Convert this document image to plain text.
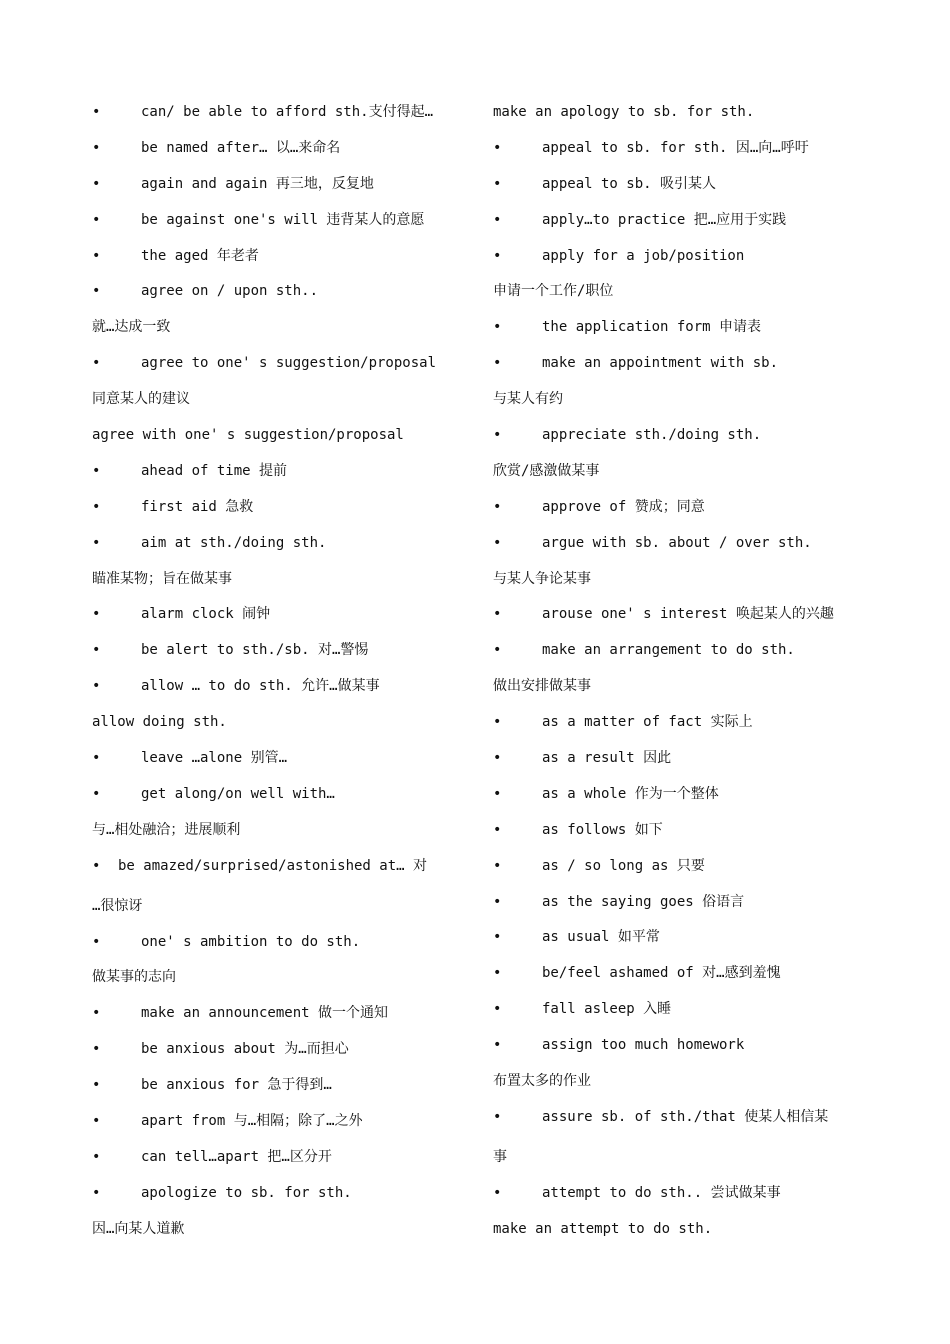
•	can/ be able to afford sth.支付得起…
•	be named after… 以…来命名
•	again and again 再三地，反复地
•	be against one's will 违背某人的意愿
•	the aged 年老者
•	agree on / upon sth..
就…达成一致
•	agree to one' s suggestion/proposal
同意某人的建议
agree with one' s suggestion/proposal
•	ahead of time 提前
•	first aid 急救
•	aim at sth./doing sth.
瞄准某物；旨在做某事
•	alarm clock 闹钟
•	be alert to sth./sb. 对…警惕
•	allow … to do sth. 允许…做某事
allow doing sth.
•	leave …alone 别管…
•	get along/on well with…
与…相处融洽；进展顺利
• be amazed/surprised/astonished at… 对
…很惊讶
•	one' s ambition to do sth.
做某事的志向
•	make an announcement 做一个通知
•	be anxious about 为…而担心
•	be anxious for 急于得到…
•	apart from 与…相隔；除了…之外
•	can tell…apart 把…区分开
•	apologize to sb. for sth.
因…向某人道歉
make an apology to sb. for sth.
•	appeal to sb. for sth. 因…向…呼吁
•	appeal to sb. 吸引某人
•	apply…to practice 把…应用于实践
•	apply for a job/position
申请一个工作/职位
•	the application form 申请表
•	make an appointment with sb.
与某人有约
•	appreciate sth./doing sth.
欣赏/感激做某事
•	approve of 赞成；同意
•	argue with sb. about / over sth.
与某人争论某事
•	arouse one' s interest 唤起某人的兴趣
•	make an arrangement to do sth.
做出安排做某事
•	as a matter of fact 实际上
•	as a result 因此
•	as a whole 作为一个整体
•	as follows 如下
•	as / so long as 只要
•	as the saying goes 俗语言
•	as usual 如平常
•	be/feel ashamed of 对…感到羞愧
•	fall asleep 入睡
•	assign too much homework
布置太多的作业
•	assure sb. of sth./that 使某人相信某
事
•	attempt to do sth.. 尝试做某事
make an attempt to do sth.
